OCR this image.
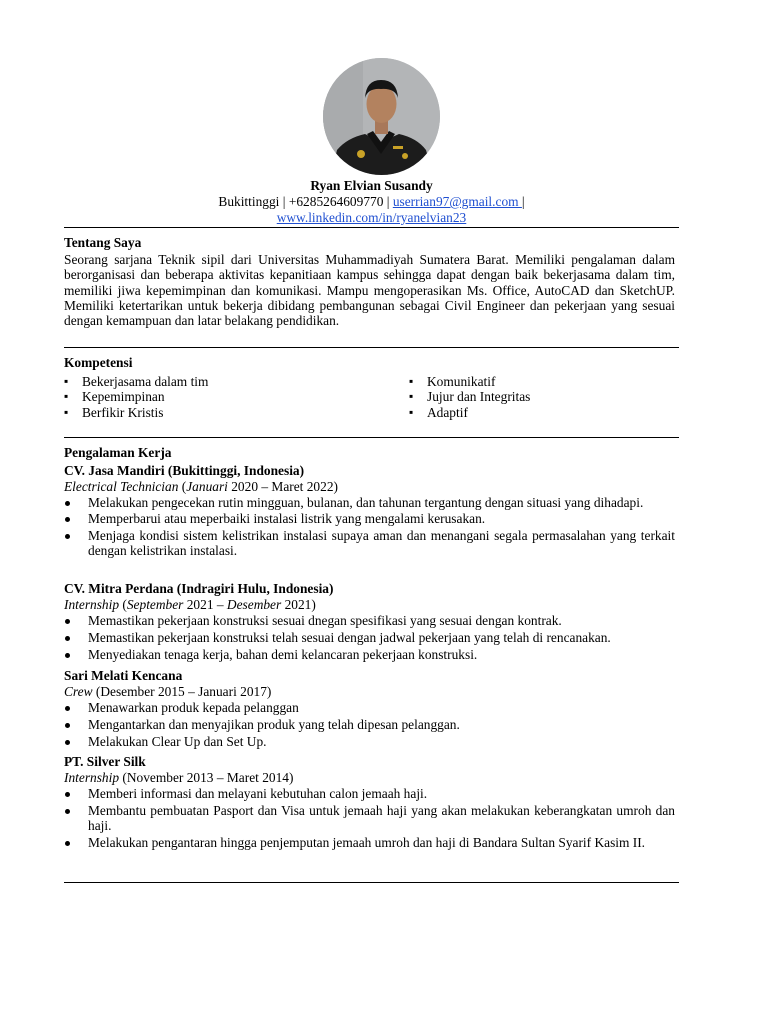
Ryan Elvian Susandy
Bukittinggi | +6285264609770 | userrian97@gmail.com |
www.linkedin.com/in/ryanelvian23
Tentang Saya

Seorang sarjana Teknik sipil dari Universitas Muhammadiyah Sumatera Barat. Memiliki pengalaman dalam berorganisasi dan beberapa aktivitas kepanitiaan kampus sehingga dapat dengan baik bekerjasama dalam tim, memiliki jiwa kepemimpinan dan komunikasi. Mampu mengoperasikan Ms. Office, AutoCAD dan SketchUP. Memiliki ketertarikan untuk bekerja dibidang pembangunan sebagai Civil Engineer dan pekerjaan yang sesuai dengan kemampuan dan latar belakang pendidikan.

Kompetensi
▪ Bekerjasama dalam tim
▪ Kepemimpinan
▪ Berfikir Kristis
▪ Komunikatif
▪ Jujur dan Integritas
▪ Adaptif
Pengalaman Kerja
CV. Jasa Mandiri (Bukittinggi, Indonesia)
Electrical Technician (Januari 2020 – Maret 2022)
Melakukan pengecekan rutin mingguan, bulanan, dan tahunan tergantung dengan situasi yang dihadapi.
Memperbarui atau meperbaiki instalasi listrik yang mengalami kerusakan.
Menjaga kondisi sistem kelistrikan instalasi supaya aman dan menangani segala permasalahan yang terkait dengan kelistrikan instalasi.
CV. Mitra Perdana (Indragiri Hulu, Indonesia)
Internship (September 2021 – Desember 2021)
Memastikan pekerjaan konstruksi sesuai dnegan spesifikasi yang sesuai dengan kontrak.
Memastikan pekerjaan konstruksi telah sesuai dengan jadwal pekerjaan yang telah di rencanakan.
Menyediakan tenaga kerja, bahan demi kelancaran pekerjaan konstruksi.
Sari Melati Kencana
Crew (Desember 2015 – Januari 2017)
Menawarkan produk kepada pelanggan
Mengantarkan dan menyajikan produk yang telah dipesan pelanggan.
Melakukan Clear Up dan Set Up.
PT. Silver Silk
Internship (November 2013 – Maret 2014)
Memberi informasi dan melayani kebutuhan calon jemaah haji.
Membantu pembuatan Pasport dan Visa untuk jemaah haji yang akan melakukan keberangkatan umroh dan haji.
Melakukan pengantaran hingga penjemputan jemaah umroh dan haji di Bandara Sultan Syarif Kasim II.
